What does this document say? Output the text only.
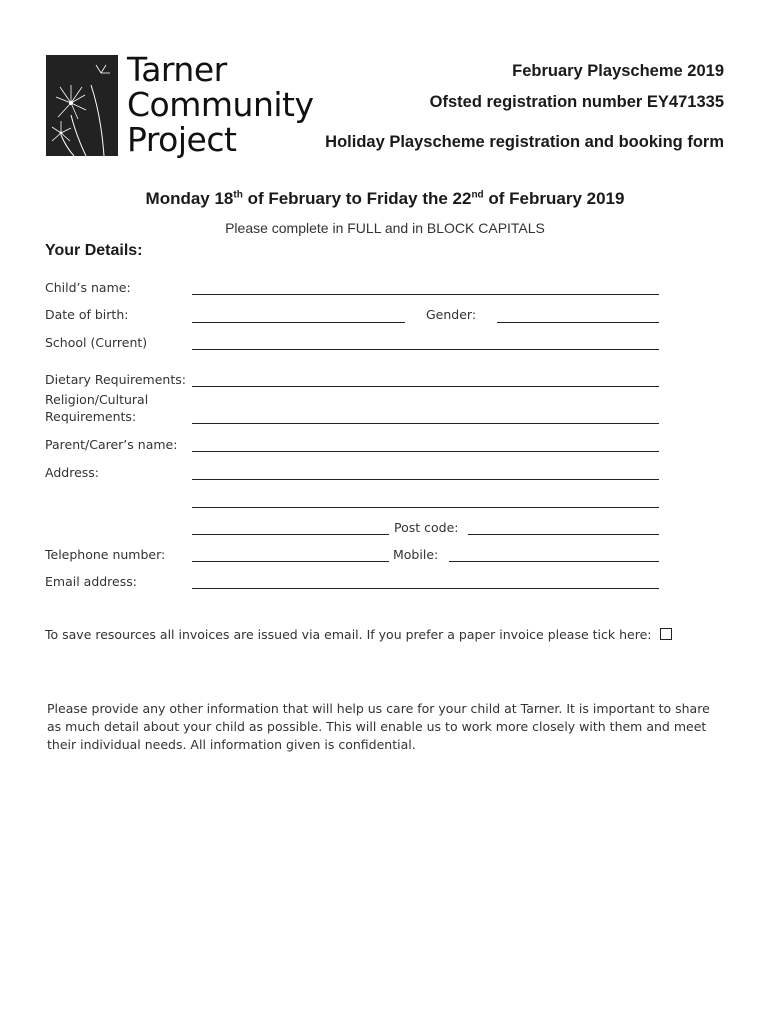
Tarner
Community
Project
February Playscheme 2019
Ofsted registration number EY471335
Holiday Playscheme registration and booking form
Monday 18th of February to Friday the 22nd of February 2019
Please complete in FULL and in BLOCK CAPITALS
Your Details:
Child’s name:
Date of birth:	Gender:
School (Current)
Dietary Requirements:
Religion/Cultural
Requirements:
Parent/Carer’s name:
Address:
Post code:
Telephone number:	Mobile:
Email address:
To save resources all invoices are issued via email. If you prefer a paper invoice please tick here:
Please provide any other information that will help us care for your child at Tarner. It is important to share as much detail about your child as possible. This will enable us to work more closely with them and meet their individual needs. All information given is confidential.
